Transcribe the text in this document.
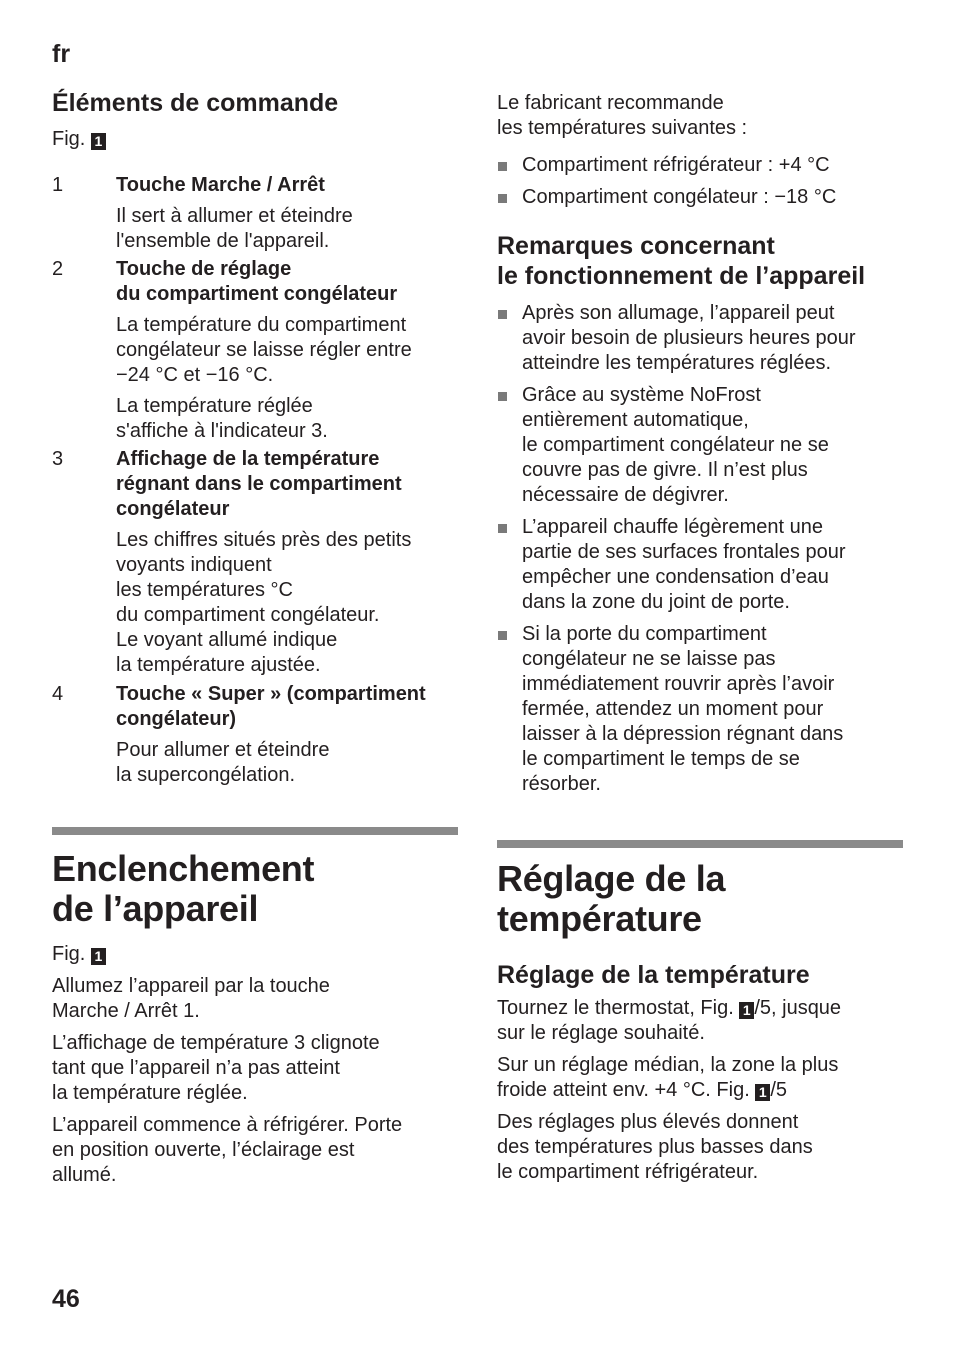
fr
Éléments de commande

Fig. 1

1	Touche Marche / Arrêt

Il sert à allumer et éteindre
l'ensemble de l'appareil.

2	Touche de réglage
du compartiment congélateur

La température du compartiment
congélateur se laisse régler entre
−24 °C et −16 °C.

La température réglée
s'affiche à l'indicateur 3.

3	Affichage de la température
régnant dans le compartiment
congélateur

Les chiffres situés près des petits
voyants indiquent
les températures °C
du compartiment congélateur.
Le voyant allumé indique
la température ajustée.

4	Touche « Super » (compartiment
congélateur)

Pour allumer et éteindre
la supercongélation.

Enclenchement
de l’appareil

Fig. 1

Allumez l’appareil par la touche
Marche / Arrêt 1.

L’affichage de température 3 clignote
tant que l’appareil n’a pas atteint
la température réglée.

L’appareil commence à réfrigérer. Porte
en position ouverte, l’éclairage est
allumé.

Le fabricant recommande
les températures suivantes :

Compartiment réfrigérateur : +4 °C
Compartiment congélateur : −18 °C
Remarques concernant
le fonctionnement de l’appareil
Après son allumage, l’appareil peut
avoir besoin de plusieurs heures pour
atteindre les températures réglées.
Grâce au système NoFrost
entièrement automatique,
le compartiment congélateur ne se
couvre pas de givre. Il n’est plus
nécessaire de dégivrer.
L’appareil chauffe légèrement une
partie de ses surfaces frontales pour
empêcher une condensation d’eau
dans la zone du joint de porte.
Si la porte du compartiment
congélateur ne se laisse pas
immédiatement rouvrir après l’avoir
fermée, attendez un moment pour
laisser à la dépression régnant dans
le compartiment le temps de se
résorber.
Réglage de la
température
Réglage de la température

Tournez le thermostat, Fig. 1 /5, jusque
sur le réglage souhaité.

Sur un réglage médian, la zone la plus
froide atteint env. +4 °C. Fig. 1 /5

Des réglages plus élevés donnent
des températures plus basses dans
le compartiment réfrigérateur.

46
